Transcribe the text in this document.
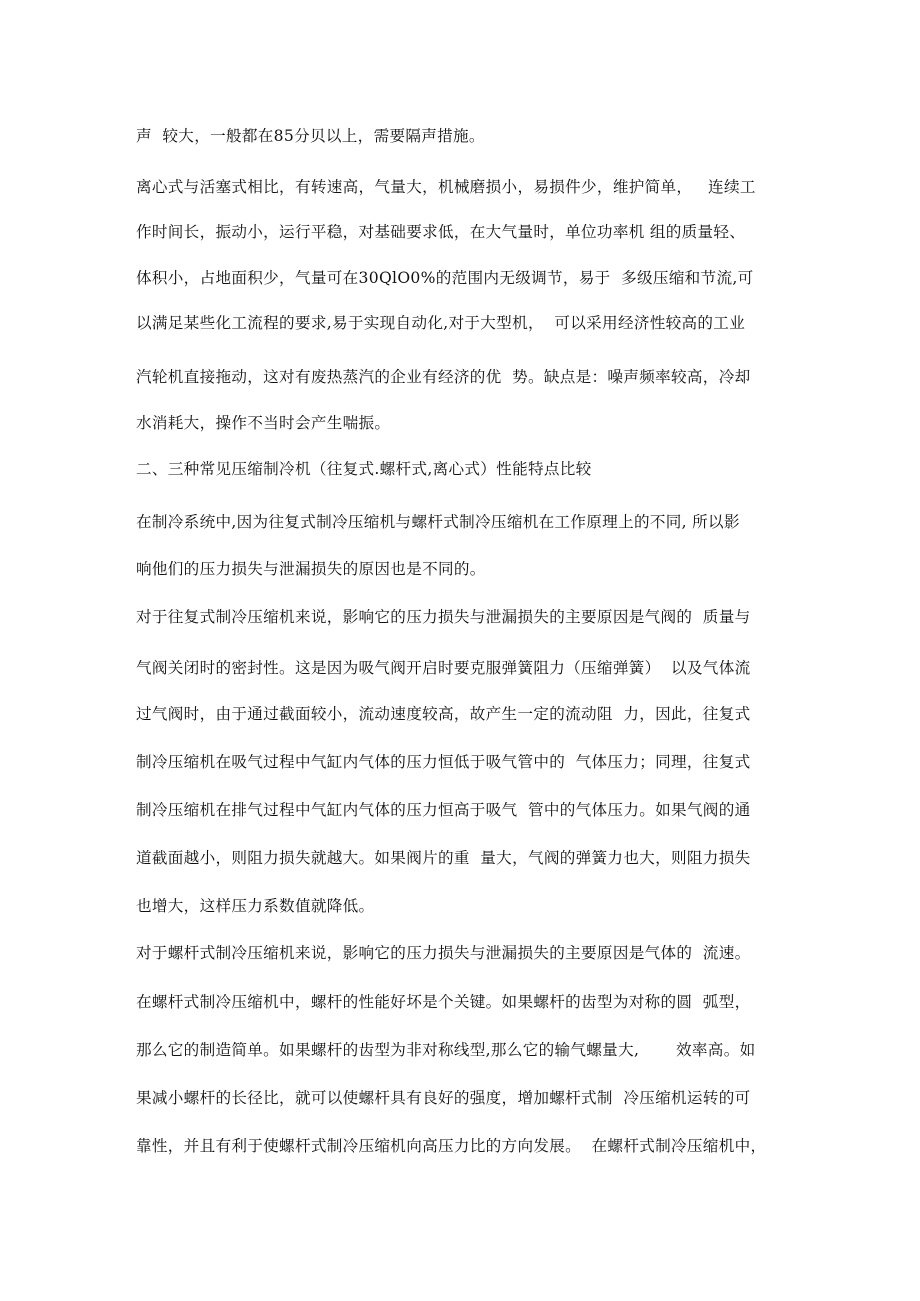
声  较大，一般都在85分贝以上，需要隔声措施。
离心式与活塞式相比，有转速高，气量大，机械磨损小，易损件少，维护简单，   连续工
作时间长，振动小，运行平稳，对基础要求低，在大气量时，单位功率机 组的质量轻、
体积小，占地面积少，气量可在30QlO0%的范围内无级调节，易于  多级压缩和节流,可
以满足某些化工流程的要求,易于实现自动化,对于大型机，  可以采用经济性较高的工业
汽轮机直接拖动，这对有废热蒸汽的企业有经济的优  势。缺点是：噪声频率较高，冷却
水消耗大，操作不当时会产生喘振。
二、三种常见压缩制冷机（往复式.螺杆式,离心式）性能特点比较
在制冷系统中,因为往复式制冷压缩机与螺杆式制冷压缩机在工作原理上的不同, 所以影
响他们的压力损失与泄漏损失的原因也是不同的。
对于往复式制冷压缩机来说，影响它的压力损失与泄漏损失的主要原因是气阀的  质量与
气阀关闭时的密封性。这是因为吸气阀开启时要克服弹簧阻力（压缩弹簧）  以及气体流
过气阀时，由于通过截面较小，流动速度较高，故产生一定的流动阻  力，因此，往复式
制冷压缩机在吸气过程中气缸内气体的压力恒低于吸气管中的  气体压力；同理，往复式
制冷压缩机在排气过程中气缸内气体的压力恒高于吸气  管中的气体压力。如果气阀的通
道截面越小，则阻力损失就越大。如果阀片的重  量大，气阀的弹簧力也大，则阻力损失
也增大，这样压力系数值就降低。
对于螺杆式制冷压缩机来说，影响它的压力损失与泄漏损失的主要原因是气体的  流速。
在螺杆式制冷压缩机中，螺杆的性能好坏是个关键。如果螺杆的齿型为对称的圆  弧型，
那么它的制造简单。如果螺杆的齿型为非对称线型,那么它的输气螺量大,       效率高。如
果减小螺杆的长径比，就可以使螺杆具有良好的强度，增加螺杆式制  冷压缩机运转的可
靠性，并且有利于使螺杆式制冷压缩机向高压力比的方向发展。  在螺杆式制冷压缩机中，
